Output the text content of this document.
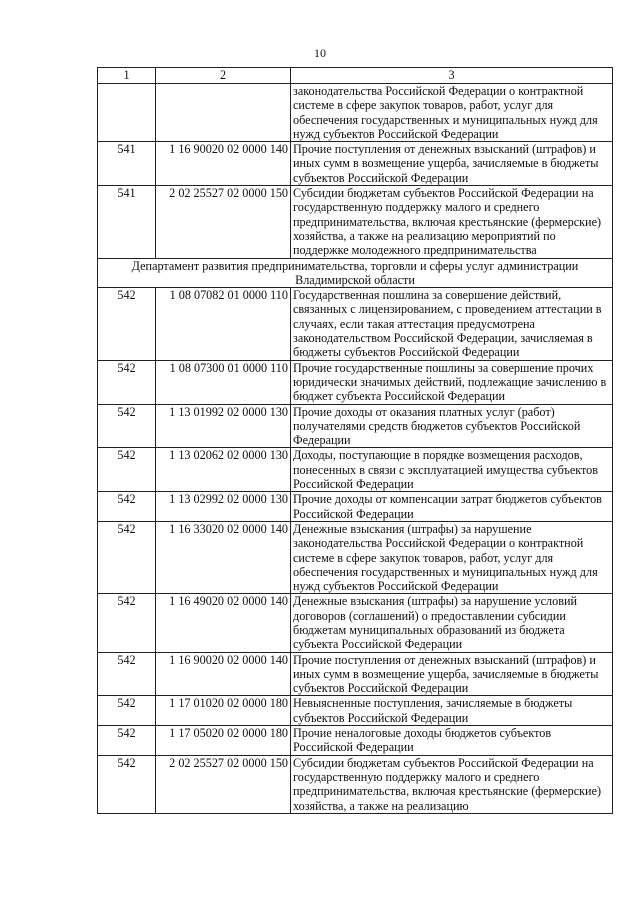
10
1	2	3
		законодательства Российской Федерации о контрактной системе в сфере закупок товаров, работ, услуг для обеспечения государственных и муниципальных нужд для нужд субъектов Российской Федерации
541	1 16 90020 02 0000 140	Прочие поступления от денежных взысканий (штрафов) и иных сумм в возмещение ущерба, зачисляемые в бюджеты субъектов Российской Федерации
541	2 02 25527 02 0000 150	Субсидии бюджетам субъектов Российской Федерации на государственную поддержку малого и среднего предпринимательства, включая крестьянские (фермерские) хозяйства, а также на реализацию мероприятий по поддержке молодежного предпринимательства
Департамент развития предпринимательства, торговли и сферы услуг администрации Владимирской области		
542	1 08 07082 01 0000 110	Государственная пошлина за совершение действий, связанных с лицензированием, с проведением аттестации в случаях, если такая аттестация предусмотрена законодательством Российской Федерации, зачисляемая в бюджеты субъектов Российской Федерации
542	1 08 07300 01 0000 110	Прочие государственные пошлины за совершение прочих юридически значимых действий, подлежащие зачислению в бюджет субъекта Российской Федерации
542	1 13 01992 02 0000 130	Прочие доходы от оказания платных услуг (работ) получателями средств бюджетов субъектов Российской Федерации
542	1 13 02062 02 0000 130	Доходы, поступающие в порядке возмещения расходов, понесенных в связи с эксплуатацией имущества субъектов Российской Федерации
542	1 13 02992 02 0000 130	Прочие доходы от компенсации затрат бюджетов субъектов Российской Федерации
542	1 16 33020 02 0000 140	Денежные взыскания (штрафы) за нарушение законодательства Российской Федерации о контрактной системе в сфере закупок товаров, работ, услуг для обеспечения государственных и муниципальных нужд для нужд субъектов Российской Федерации
542	1 16 49020 02 0000 140	Денежные взыскания (штрафы) за нарушение условий договоров (соглашений) о предоставлении субсидии бюджетам муниципальных образований из бюджета субъекта Российской Федерации
542	1 16 90020 02 0000 140	Прочие поступления от денежных взысканий (штрафов) и иных сумм в возмещение ущерба, зачисляемые в бюджеты субъектов Российской Федерации
542	1 17 01020 02 0000 180	Невыясненные поступления, зачисляемые в бюджеты субъектов Российской Федерации
542	1 17 05020 02 0000 180	Прочие неналоговые доходы бюджетов субъектов Российской Федерации
542	2 02 25527 02 0000 150	Субсидии бюджетам субъектов Российской Федерации на государственную поддержку малого и среднего предпринимательства, включая крестьянские (фермерские) хозяйства, а также на реализацию
